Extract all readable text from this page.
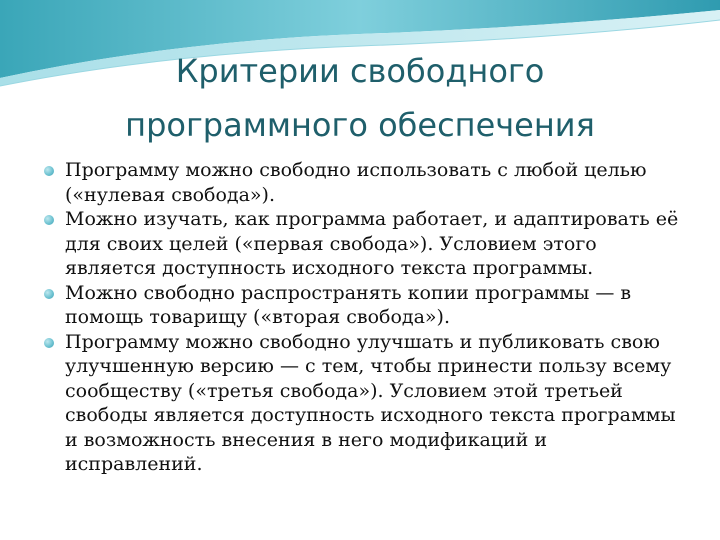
Критерии свободного
программного обеспечения
Программу можно свободно использовать с любой целью («нулевая свобода»).
Можно изучать, как программа работает, и адаптировать её для своих целей («первая свобода»). Условием этого является доступность исходного текста программы.
Можно свободно распространять копии программы — в помощь товарищу («вторая свобода»).
Программу можно свободно улучшать и публиковать свою улучшенную версию — с тем, чтобы принести пользу всему сообществу («третья свобода»). Условием этой третьей свободы является доступность исходного текста программы и возможность внесения в него модификаций и исправлений.
